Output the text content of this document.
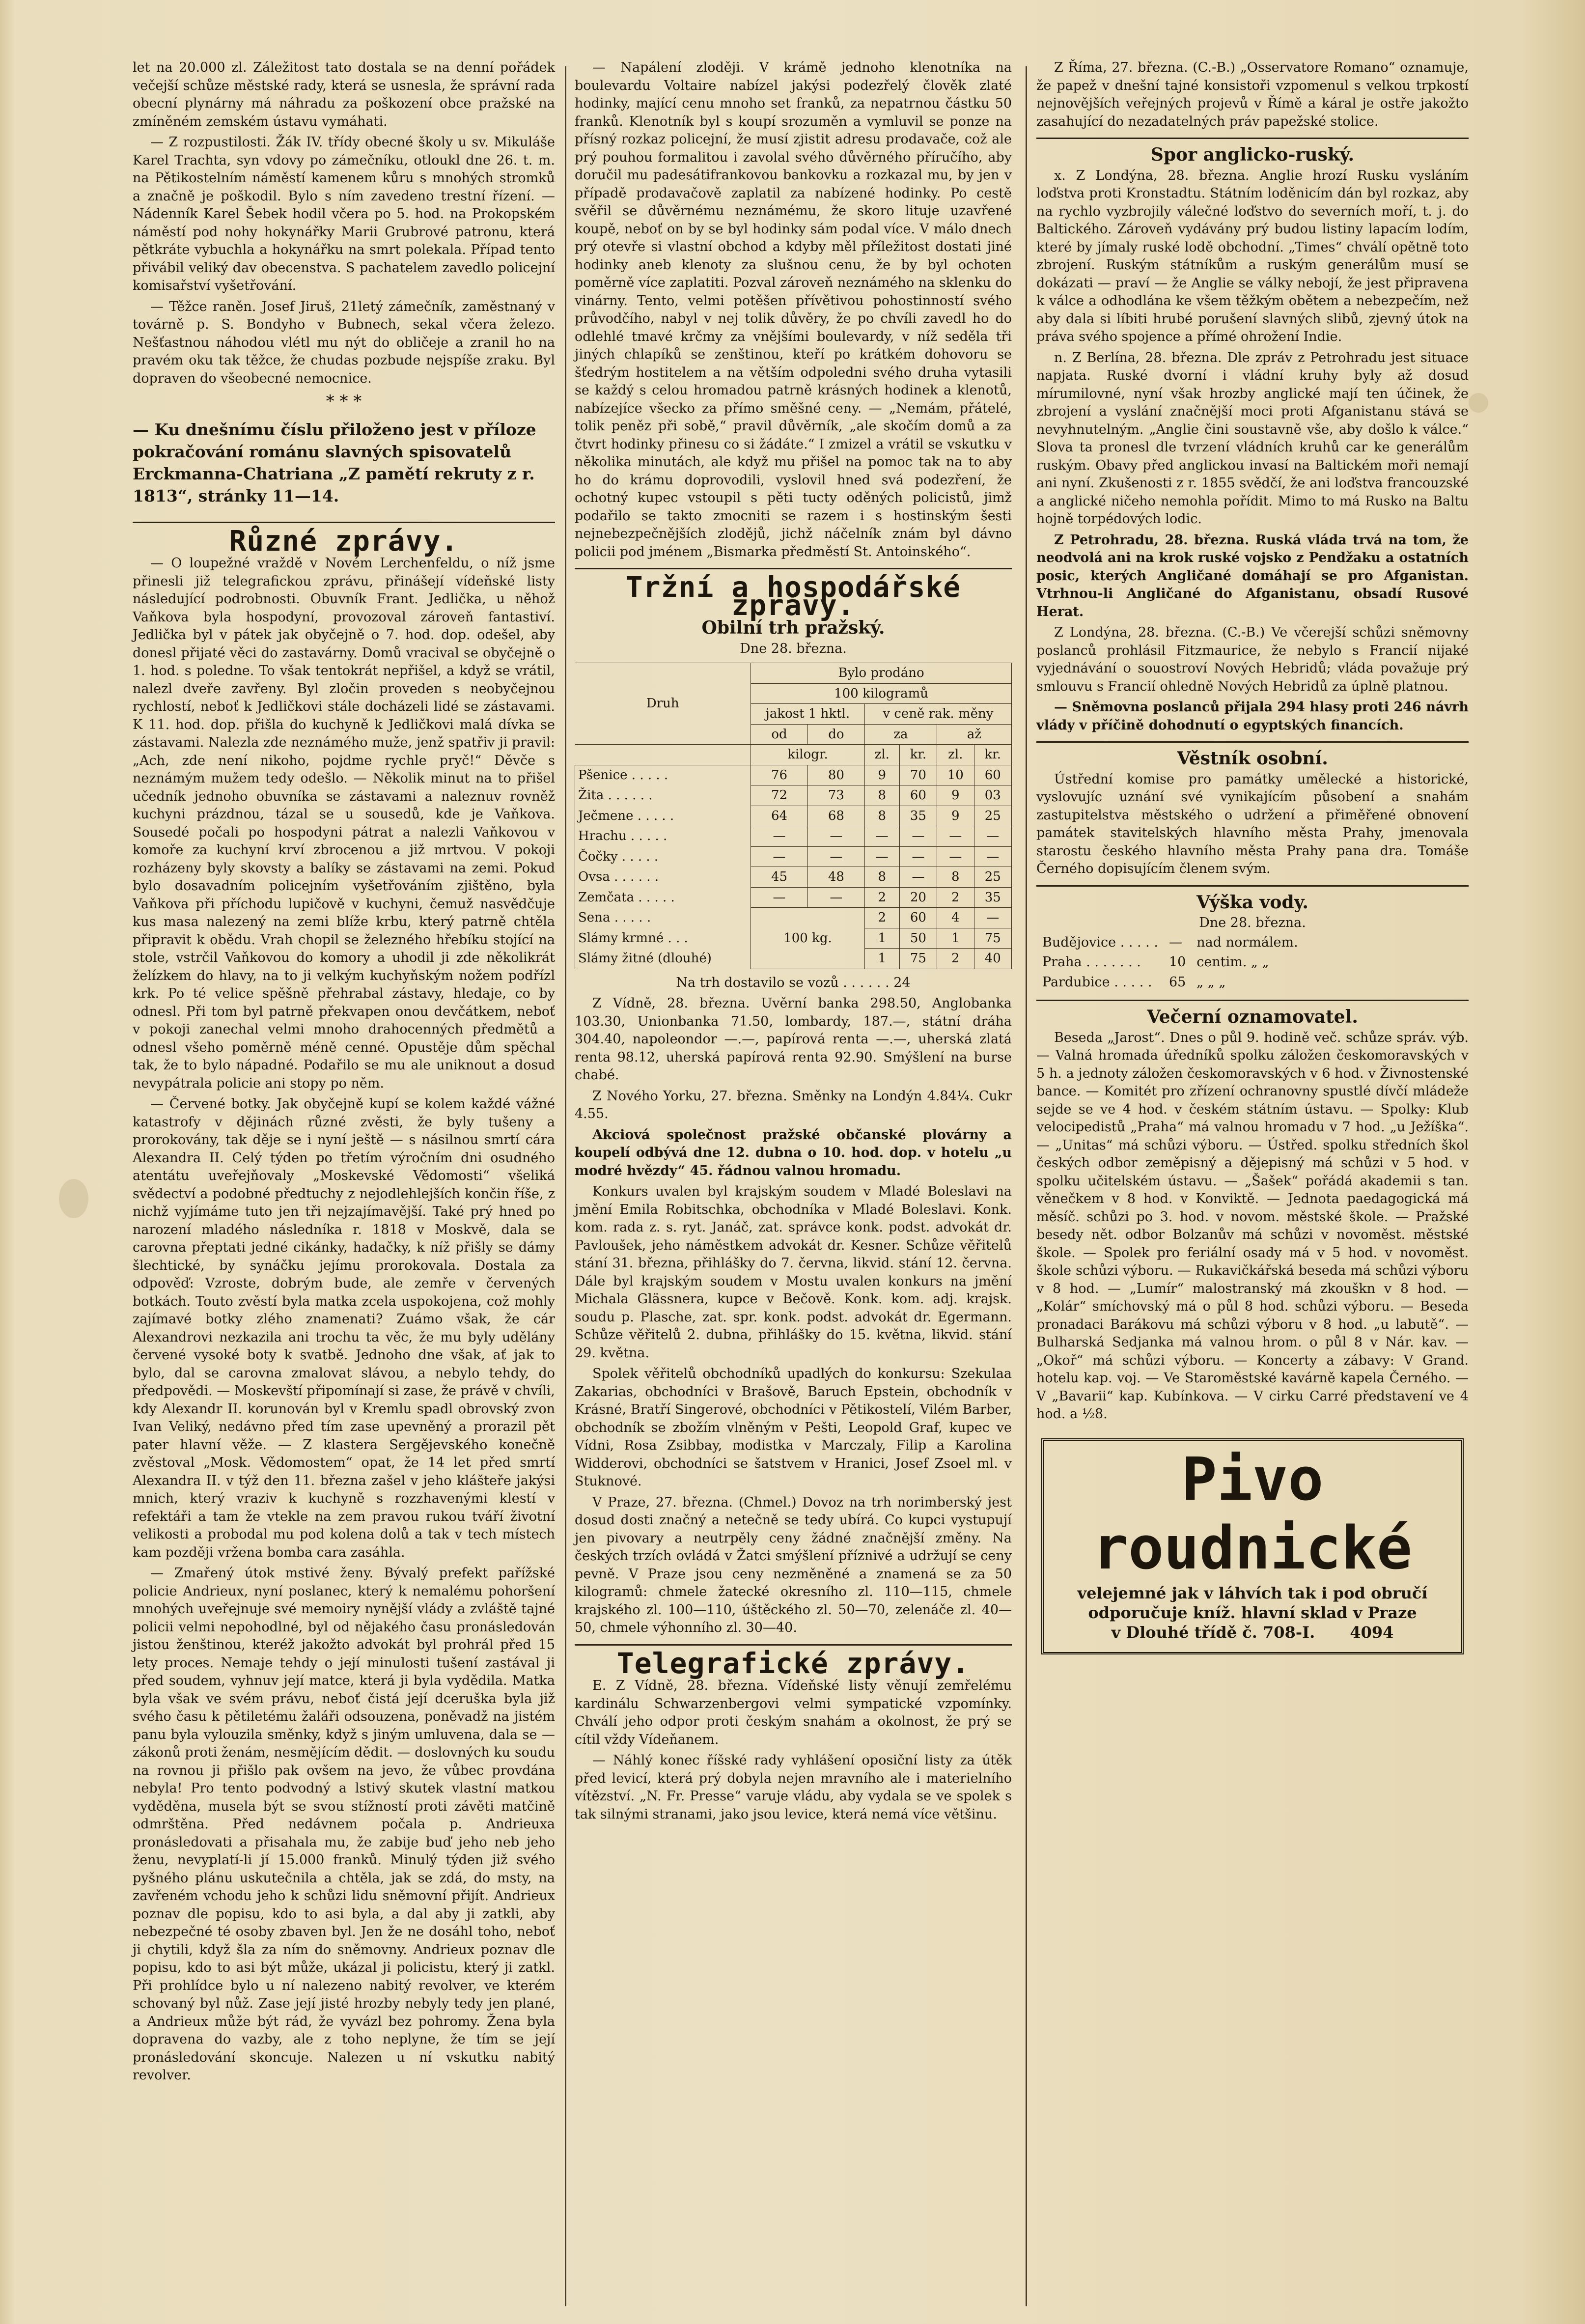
let na 20.000 zl. Záležitost tato dostala se na denní pořádek večejší schůze městské rady, která se usnesla, že správní rada obecní plynárny má náhradu za poškození obce pražské na zmíněném zemském ústavu vymáhati.

— Z rozpustilosti. Žák IV. třídy obecné školy u sv. Mikuláše Karel Trachta, syn vdovy po zámečníku, otloukl dne 26. t. m. na Pětikostelním náměstí kamenem kůru s mnohých stromků a značně je poškodil. Bylo s ním zavedeno trestní řízení. — Nádenník Karel Šebek hodil včera po 5. hod. na Prokopském náměstí pod nohy hokynářky Marii Grubrové patronu, která pětkráte vybuchla a hokynářku na smrt polekala. Případ tento přivábil veliký dav obecenstva. S pachatelem zavedlo policejní komisařství vyšetřování.

— Těžce raněn. Josef Jiruš, 21letý zámečník, zaměstnaný v továrně p. S. Bondyho v Bubnech, sekal včera železo. Nešťastnou náhodou vlétl mu nýt do obličeje a zranil ho na pravém oku tak těžce, že chudas pozbude nejspíše zraku. Byl dopraven do všeobecné nemocnice.

* * *
— Ku dnešnímu číslu přiloženo jest v příloze pokračování románu slavných spisovatelů Erckmanna-Chatriana „Z pamětí rekruty z r. 1813“, stránky 11—14.
Různé zprávy.

— O loupežné vraždě v Novém Lerchenfeldu, o níž jsme přinesli již telegrafickou zprávu, přinášejí vídeňské listy následující podrobnosti. Obuvník Frant. Jedlička, u něhož Vaňkova byla hospodyní, provozoval zároveň fantastiví. Jedlička byl v pátek jak obyčejně o 7. hod. dop. odešel, aby donesl přijaté věci do zastavárny. Domů vracival se obyčejně o 1. hod. s poledne. To však tentokrát nepřišel, a když se vrátil, nalezl dveře zavřeny. Byl zločin proveden s neobyčejnou rychlostí, neboť k Jedličkovi stále docházeli lidé se zástavami. K 11. hod. dop. přišla do kuchyně k Jedličkovi malá dívka se zástavami. Nalezla zde neznámého muže, jenž spatřiv ji pravil: „Ach, zde není nikoho, pojdme rychle pryč!“ Děvče s neznámým mužem tedy odešlo. — Několik minut na to přišel učedník jednoho obuvníka se zástavami a naleznuv rovněž kuchyni prázdnou, tázal se u sousedů, kde je Vaňkova. Sousedé počali po hospodyni pátrat a nalezli Vaňkovou v komoře za kuchyní krví zbrocenou a již mrtvou. V pokoji rozházeny byly skovsty a balíky se zástavami na zemi. Pokud bylo dosavadním policejním vyšetřováním zjištěno, byla Vaňkova při příchodu lupičově v kuchyni, čemuž nasvědčuje kus masa nalezený na zemi blíže krbu, který patrně chtěla připravit k obědu. Vrah chopil se železného hřebíku stojící na stole, vstrčil Vaňkovou do komory a uhodil ji zde několikrát želízkem do hlavy, na to ji velkým kuchyňským nožem podřízl krk. Po té velice spěšně přehrabal zástavy, hledaje, co by odnesl. Při tom byl patrně překvapen onou devčátkem, neboť v pokoji zanechal velmi mnoho drahocenných předmětů a odnesl všeho poměrně méně cenné. Opustěje dům spěchal tak, že to bylo nápadné. Podařilo se mu ale uniknout a dosud nevypátrala policie ani stopy po něm.

— Červené botky. Jak obyčejně kupí se kolem každé vážné katastrofy v dějinách různé zvěsti, že byly tušeny a prorokovány, tak děje se i nyní ještě — s násilnou smrtí cára Alexandra II. Celý týden po třetím výročním dni osudného atentátu uveřejňovaly „Moskevské Vědomosti“ všeliká svědectví a podobné předtuchy z nejodlehlejších končin říše, z nichž vyjímáme tuto jen tři nejzajímavější. Také prý hned po narození mladého následníka r. 1818 v Moskvě, dala se carovna přeptati jedné cikánky, hadačky, k níž přišly se dámy šlechtické, by synáčku jejímu prorokovala. Dostala za odpověď: Vzroste, dobrým bude, ale zemře v červených botkách. Touto zvěstí byla matka zcela uspokojena, což mohly zajímavé botky zlého znamenati? Zuámo však, že cár Alexandrovi nezkazila ani trochu ta věc, že mu byly udělány červené vysoké boty k svatbě. Jednoho dne však, ať jak to bylo, dal se carovna zmalovat slávou, a nebylo tehdy, do předpovědi. — Moskevští připomínají si zase, že právě v chvíli, kdy Alexandr II. korunován byl v Kremlu spadl obrovský zvon Ivan Veliký, nedávno před tím zase upevněný a prorazil pět pater hlavní věže. — Z klastera Sergějevského konečně zvěstoval „Mosk. Vědomostem“ opat, že 14 let před smrtí Alexandra II. v týž den 11. března zašel v jeho klášteře jakýsi mnich, který vraziv k kuchyně s rozzhavenými klestí v refektáři a tam že vtekle na zem pravou rukou tváří životní velikosti a probodal mu pod kolena dolů a tak v tech místech kam později vržena bomba cara zasáhla.

— Zmařený útok mstivé ženy. Bývalý prefekt pařížské policie Andrieux, nyní poslanec, který k nemalému pohoršení mnohých uveřejnuje své memoiry nynější vlády a zvláště tajné policii velmi nepohodlné, byl od nějakého času pronásledován jistou ženštinou, kteréž jakožto advokát byl prohrál před 15 lety proces. Nemaje tehdy o její minulosti tušení zastával ji před soudem, vyhnuv její matce, která ji byla vydědila. Matka byla však ve svém právu, neboť čistá její dceruška byla již svého času k pětiletému žaláři odsouzena, poněvadž na jistém panu byla vylouzila směnky, když s jiným umluvena, dala se — zákonů proti ženám, nesmějícím dědit. — doslovných ku soudu na rovnou ji přišlo pak ovšem na jevo, že vůbec provdána nebyla! Pro tento podvodný a lstivý skutek vlastní matkou vyděděna, musela být se svou stížností proti závěti matčině odmrštěna. Před nedávnem počala p. Andrieuxa pronásledovati a přisahala mu, že zabije buď jeho neb jeho ženu, nevyplatí-li jí 15.000 franků. Minulý týden již svého pyšného plánu uskutečnila a chtěla, jak se zdá, do msty, na zavřeném vchodu jeho k schůzi lidu sněmovní přijít. Andrieux poznav dle popisu, kdo to asi byla, a dal aby ji zatkli, aby nebezpečné té osoby zbaven byl. Jen že ne dosáhl toho, neboť ji chytili, když šla za ním do sněmovny. Andrieux poznav dle popisu, kdo to asi být může, ukázal ji policistu, který ji zatkl. Při prohlídce bylo u ní nalezeno nabitý revolver, ve kterém schovaný byl nůž. Zase její jisté hrozby nebyly tedy jen plané, a Andrieux může být rád, že vyvázl bez pohromy. Žena byla dopravena do vazby, ale z toho neplyne, že tím se její pronásledování skoncuje. Nalezen u ní vskutku nabitý revolver.

— Napálení zloději. V krámě jednoho klenotníka na boulevardu Voltaire nabízel jakýsi podezřelý člověk zlaté hodinky, mající cenu mnoho set franků, za nepatrnou částku 50 franků. Klenotník byl s koupí srozuměn a vymluvil se ponze na přísný rozkaz policejní, že musí zjistit adresu prodavače, což ale prý pouhou formalitou i zavolal svého důvěrného příručího, aby doručil mu padesátifrankovou bankovku a rozkazal mu, by jen v případě prodavačově zaplatil za nabízené hodinky. Po cestě svěřil se důvěrnému neznámému, že skoro lituje uzavřené koupě, neboť on by se byl hodinky sám podal více. V málo dnech prý otevře si vlastní obchod a kdyby měl příležitost dostati jiné hodinky aneb klenoty za slušnou cenu, že by byl ochoten poměrně více zaplatiti. Pozval zároveň neznámého na sklenku do vinárny. Tento, velmi potěšen přívětivou pohostinností svého průvodčího, nabyl v nej tolik důvěry, že po chvíli zavedl ho do odlehlé tmavé krčmy za vnějšími boulevardy, v níž seděla tři jiných chlapíků se zenštinou, kteří po krátkém dohovoru se šťedrým hostitelem a na větším odpoledni svého druha vytasili se každý s celou hromadou patrně krásných hodinek a klenotů, nabízejíce všecko za přímo směšné ceny. — „Nemám, přátelé, tolik peněz při sobě,“ pravil důvěrník, „ale skočím domů a za čtvrt hodinky přinesu co si žádáte.“ I zmizel a vrátil se vskutku v několika minutách, ale když mu přišel na pomoc tak na to aby ho do krámu doprovodili, vyslovil hned svá podezření, že ochotný kupec vstoupil s pěti tucty oděných policistů, jimž podařilo se takto zmocniti se razem i s hostinským šesti nejnebezpečnějších zlodějů, jichž náčelník znám byl dávno policii pod jménem „Bismarka předměstí St. Antoinského“.

Tržní a hospodářské zprávy.
Obilní trh pražský.
Dne 28. března.
Druh	Bylo prodáno					
	100 kilogramů					
	jakost 1 hktl.		v ceně rak. měny			
	od	do	za		až	
	kilogr.		zl.	kr.	zl.	kr.
Pšenice . . . . .	76	80	9	70	10	60
Žita . . . . . .	72	73	8	60	9	03
Ječmene . . . . .	64	68	8	35	9	25
Hrachu . . . . .	—	—	—	—	—	—
Čočky . . . . .	—	—	—	—	—	—
Ovsa . . . . . .	45	48	8	—	8	25
Zemčata . . . . .	—	—	2	20	2	35
Sena . . . . .	100 kg.		2	60	4	—
Slámy krmné . . .			1	50	1	75
Slámy žitné (dlouhé)			1	75	2	40

Na trh dostavilo se vozů . . . . . . 24

Z Vídně, 28. března. Uvěrní banka 298.50, Anglobanka 103.30, Unionbanka 71.50, lombardy, 187.—, státní dráha 304.40, napoleondor —.—, papírová renta —.—, uherská zlatá renta 98.12, uherská papírová renta 92.90. Smýšlení na burse chabé.

Z Nového Yorku, 27. března. Směnky na Londýn 4.84¼. Cukr 4.55.

Akciová společnost pražské občanské plovárny a koupelí odbývá dne 12. dubna o 10. hod. dop. v hotelu „u modré hvězdy“ 45. řádnou valnou hromadu.

Konkurs uvalen byl krajským soudem v Mladé Boleslavi na jmění Emila Robitschka, obchodníka v Mladé Boleslavi. Konk. kom. rada z. s. ryt. Janáč, zat. správce konk. podst. advokát dr. Pavloušek, jeho náměstkem advokát dr. Kesner. Schůze věřitelů stání 31. března, přihlášky do 7. června, likvid. stání 12. června. Dále byl krajským soudem v Mostu uvalen konkurs na jmění Michala Glässnera, kupce v Bečově. Konk. kom. adj. krajsk. soudu p. Plasche, zat. spr. konk. podst. advokát dr. Egermann. Schůze věřitelů 2. dubna, přihlášky do 15. května, likvid. stání 29. května.

Spolek věřitelů obchodníků upadlých do konkursu: Szekulaa Zakarias, obchodníci v Brašově, Baruch Epstein, obchodník v Krásné, Bratří Singerové, obchodníci v Pětikostelí, Vilém Barber, obchodník se zbožím vlněným v Pešti, Leopold Graf, kupec ve Vídni, Rosa Zsibbay, modistka v Marczaly, Filip a Karolina Widderovi, obchodníci se šatstvem v Hranici, Josef Zsoel ml. v Stuknové.

V Praze, 27. března. (Chmel.) Dovoz na trh norimberský jest dosud dosti značný a netečně se tedy ubírá. Co kupci vystupují jen pivovary a neutrpěly ceny žádné značnější změny. Na českých trzích ovládá v Žatci smýšlení příznivé a udržují se ceny pevně. V Praze jsou ceny nezměněné a znamená se za 50 kilogramů: chmele žatecké okresního zl. 110—115, chmele krajského zl. 100—110, úštěckého zl. 50—70, zelenáče zl. 40—50, chmele výhonního zl. 30—40.

Telegrafické zprávy.

E. Z Vídně, 28. března. Vídeňské listy věnují zemřelému kardinálu Schwarzenbergovi velmi sympatické vzpomínky. Chválí jeho odpor proti českým snahám a okolnost, že prý se cítil vždy Vídeňanem.

— Náhlý konec říšské rady vyhlášení oposiční listy za útěk před levicí, která prý dobyla nejen mravního ale i materielního vítězství. „N. Fr. Presse“ varuje vládu, aby vydala se ve spolek s tak silnými stranami, jako jsou levice, která nemá více většinu.

Z Říma, 27. března. (C.-B.) „Osservatore Romano“ oznamuje, že papež v dnešní tajné konsistoři vzpomenul s velkou trpkostí nejnovějších veřejných projevů v Římě a káral je ostře jakožto zasahující do nezadatelných práv papežské stolice.

Spor anglicko-ruský.

x. Z Londýna, 28. března. Anglie hrozí Rusku vysláním loďstva proti Kronstadtu. Státním loděnicím dán byl rozkaz, aby na rychlo vyzbrojily válečné loďstvo do severních moří, t. j. do Baltického. Zároveň vydávány prý budou listiny lapacím lodím, které by jímaly ruské lodě obchodní. „Times“ chválí opětně toto zbrojení. Ruským státníkům a ruským generálům musí se dokázati — praví — že Anglie se války nebojí, že jest připravena k válce a odhodlána ke všem těžkým obětem a nebezpečím, než aby dala si líbiti hrubé porušení slavných slibů, zjevný útok na práva svého spojence a přímé ohrožení Indie.

n. Z Berlína, 28. března. Dle zpráv z Petrohradu jest situace napjata. Ruské dvorní i vládní kruhy byly až dosud mírumilovné, nyní však hrozby anglické mají ten účinek, že zbrojení a vyslání značnější moci proti Afganistanu stává se nevyhnutelným. „Anglie čini soustavně vše, aby došlo k válce.“ Slova ta pronesl dle tvrzení vládních kruhů car ke generálům ruským. Obavy před anglickou invasí na Baltickém moři nemají ani nyní. Zkušenosti z r. 1855 svědčí, že ani loďstva francouzské a anglické ničeho nemohla pořídit. Mimo to má Rusko na Baltu hojně torpédových lodic.

Z Petrohradu, 28. března. Ruská vláda trvá na tom, že neodvolá ani na krok ruské vojsko z Pendžaku a ostatních posic, kterých Angličané domáhají se pro Afganistan. Vtrhnou-li Angličané do Afganistanu, obsadí Rusové Herat.

Z Londýna, 28. března. (C.-B.) Ve včerejší schůzi sněmovny poslanců prohlásil Fitzmaurice, že nebylo s Francií nijaké vyjednávání o souostroví Nových Hebridů; vláda považuje prý smlouvu s Francií ohledně Nových Hebridů za úplně platnou.

— Sněmovna poslanců přijala 294 hlasy proti 246 návrh vlády v příčině dohodnutí o egyptských financích.

Věstník osobní.

Ústřední komise pro památky umělecké a historické, vyslovujíc uznání své vynikajícím působení a snahám zastupitelstva městského o udržení a přiměřené obnovení památek stavitelských hlavního města Prahy, jmenovala starostu českého hlavního města Prahy pana dra. Tomáše Černého dopisujícím členem svým.

Výška vody.
Dne 28. března.
Budějovice . . . . .	—	nad normálem.
Praha . . . . . . .	10	centim. „ „
Pardubice . . . . .	65	„ „ „
Večerní oznamovatel.

Beseda „Jarost“. Dnes o půl 9. hodině več. schůze správ. výb. — Valná hromada úředníků spolku záložen českomoravských v 5 h. a jednoty záložen českomoravských v 6 hod. v Živnostenské bance. — Komitét pro zřízení ochranovny spustlé dívčí mládeže sejde se ve 4 hod. v českém státním ústavu. — Spolky: Klub velocipedistů „Praha“ má valnou hromadu v 7 hod. „u Ježíška“. — „Unitas“ má schůzi výboru. — Ústřed. spolku středních škol českých odbor zeměpisný a dějepisný má schůzi v 5 hod. v spolku učitelském ústavu. — „Šašek“ pořádá akademii s tan. věnečkem v 8 hod. v Konviktě. — Jednota paedagogická má měsíč. schůzi po 3. hod. v novom. městské škole. — Pražské besedy nět. odbor Bolzanův má schůzi v novoměst. městské škole. — Spolek pro feriální osady má v 5 hod. v novoměst. škole schůzi výboru. — Rukavičkářská beseda má schůzi výboru v 8 hod. — „Lumír“ malostranský má zkouškn v 8 hod. — „Kolár“ smíchovský má o půl 8 hod. schůzi výboru. — Beseda pronadaci Barákovu má schůzi výboru v 8 hod. „u labutě“. — Bulharská Sedjanka má valnou hrom. o půl 8 v Nár. kav. — „Okoř“ má schůzi výboru. — Koncerty a zábavy: V Grand. hotelu kap. voj. — Ve Staroměstské kavárně kapela Černého. — V „Bavarii“ kap. Kubínkova. — V cirku Carré představení ve 4 hod. a ½8.

Pivo roudnické
velejemné jak v láhvích tak i pod obručí
odporučuje kníž. hlavní sklad v Praze
v Dlouhé třídě č. 708-I. 4094
